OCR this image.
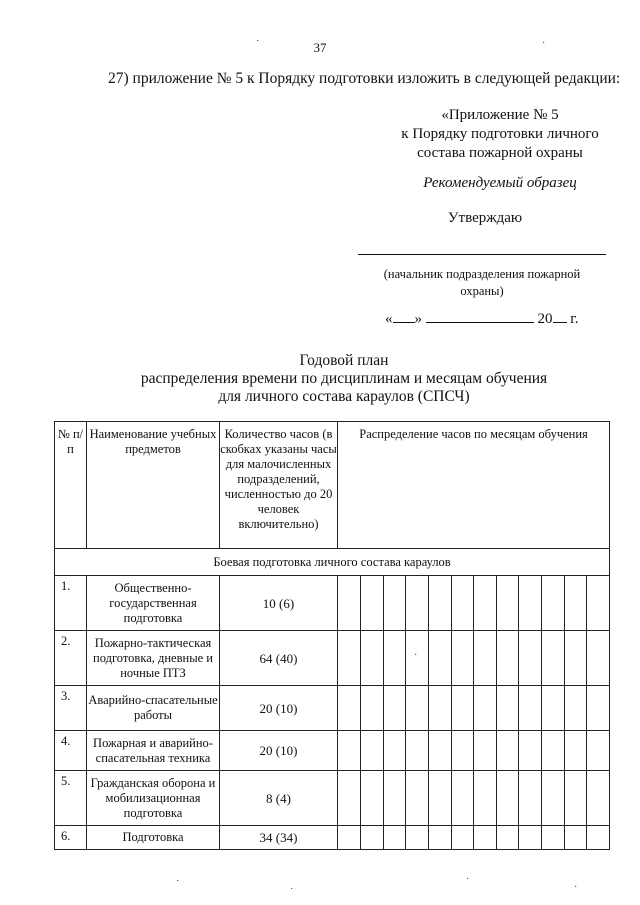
37
27) приложение № 5 к Порядку подготовки изложить в следующей редакции:
«Приложение № 5
к Порядку подготовки личного
состава пожарной охраны
Рекомендуемый образец
Утверждаю
(начальник подразделения пожарной
охраны)
« »	20 г.
Годовой план
распределения времени по дисциплинам и месяцам обучения
для личного состава караулов (СПСЧ)
№ п/п	Наименование учебных предметов	Количество часов (в скобках указаны часы для малочисленных подразделений, численностью до 20 человек включительно)	Распределение часов по месяцам обучения											
Боевая подготовка личного состава караулов														
1.	Общественно-государственная подготовка	10 (6)												
2.	Пожарно-тактическая подготовка, дневные и ночные ПТЗ	64 (40)												
3.	Аварийно-спасательные работы	20 (10)												
4.	Пожарная и аварийно-спасательная техника	20 (10)												
5.	Гражданская оборона и мобилизационная подготовка	8 (4)												
6.	Подготовка	34 (34)												
·	·
·
·	·
·
·
